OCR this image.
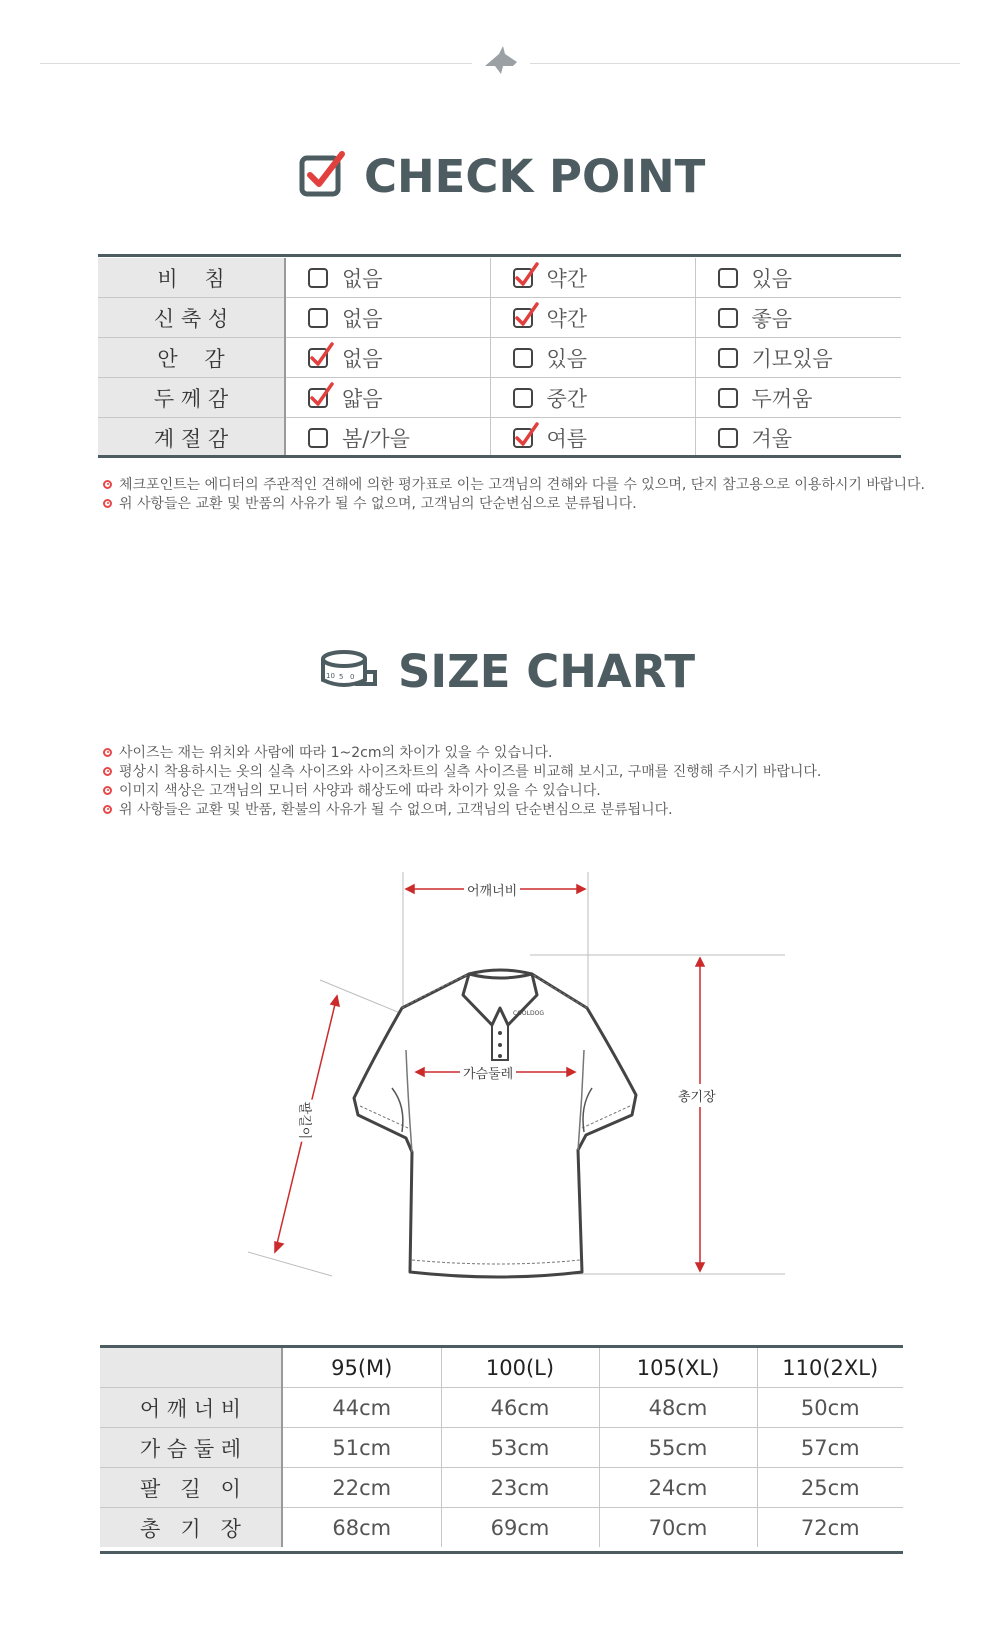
CHECK POINT
비    침	없음	약간	있음
신 축 성	없음	약간	좋음
안    감	없음	있음	기모있음
두 께 감	얇음	중간	두꺼움
계 절 감	봄/가을	여름	겨울
체크포인트는 에디터의 주관적인 견해에 의한 평가표로 이는 고객님의 견해와 다를 수 있으며, 단지 참고용으로 이용하시기 바랍니다.
위 사항들은 교환 및 반품의 사유가 될 수 없으며, 고객님의 단순변심으로 분류됩니다.
10 5 0 SIZE CHART
사이즈는 재는 위치와 사람에 따라 1~2cm의 차이가 있을 수 있습니다.
평상시 착용하시는 옷의 실측 사이즈와 사이즈차트의 실측 사이즈를 비교해 보시고, 구매를 진행해 주시기 바랍니다.
이미지 색상은 고객님의 모니터 사양과 해상도에 따라 차이가 있을 수 있습니다.
위 사항들은 교환 및 반품, 환불의 사유가 될 수 없으며, 고객님의 단순변심으로 분류됩니다.
COOLDOG
어깨너비
가슴둘레
총기장
팔길이
	95(M)	100(L)	105(XL)	110(2XL)
어 깨 너 비	44cm	46cm	48cm	50cm
가 슴 둘 레	51cm	53cm	55cm	57cm
팔   길   이	22cm	23cm	24cm	25cm
총   기   장	68cm	69cm	70cm	72cm
